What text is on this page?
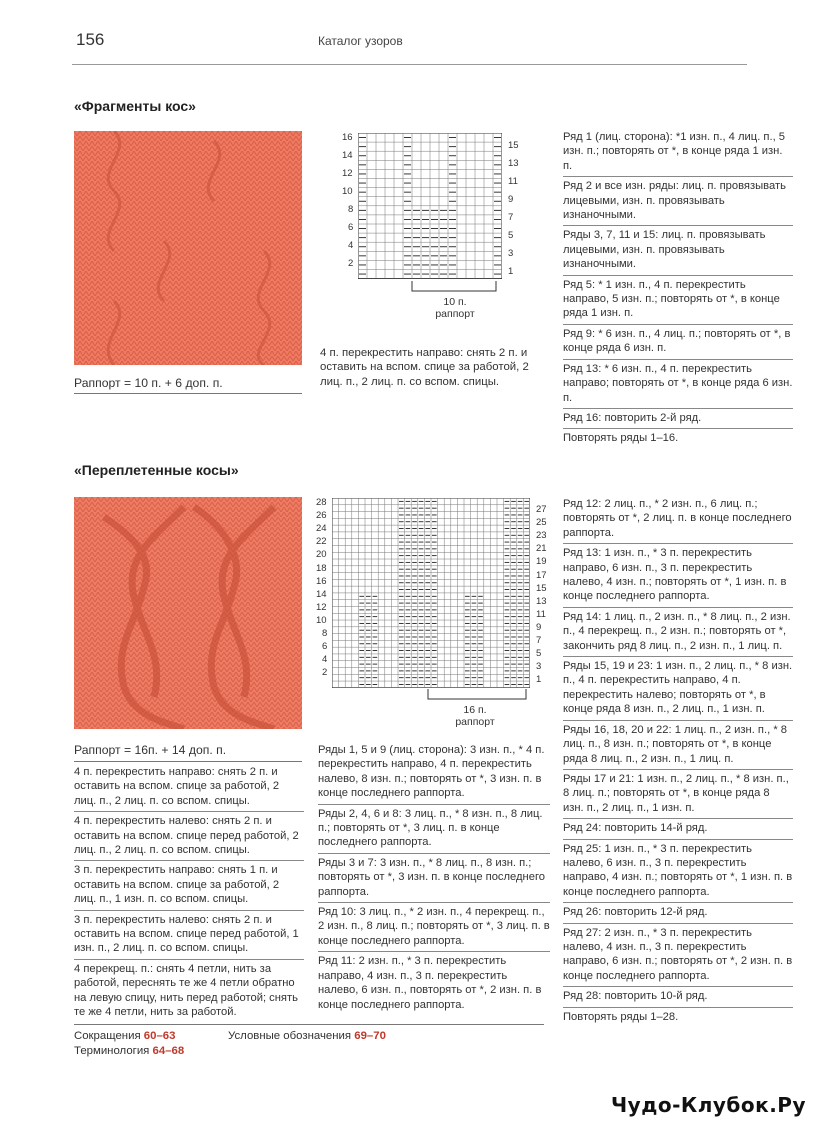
156	Каталог узоров
«Фрагменты кос»
Раппорт = 10 п. + 6 доп. п.
16
14
12
10
8
6
4
2
15
13
11
9
7
5
3
1
10 п.
раппорт
4 п. перекрестить направо: снять 2 п. и оставить на вспом. спице за работой, 2 лиц. п., 2 лиц. п. со вспом. спицы.
Ряд 1 (лиц. сторона): *1 изн. п., 4 лиц. п., 5 изн. п.; повторять от *, в конце ряда 1 изн. п.
Ряд 2 и все изн. ряды: лиц. п. провязывать лицевыми, изн. п. провязывать изнаночными.
Ряды 3, 7, 11 и 15: лиц. п. провязывать лицевыми, изн. п. провязывать изнаночными.
Ряд 5: * 1 изн. п., 4 п. перекрестить направо, 5 изн. п.; повторять от *, в конце ряда 1 изн. п.
Ряд 9: * 6 изн. п., 4 лиц. п.; повторять от *, в конце ряда 6 изн. п.
Ряд 13: * 6 изн. п., 4 п. перекрестить направо; повторять от *, в конце ряда 6 изн. п.
Ряд 16: повторить 2-й ряд.
Повторять ряды 1–16.
«Переплетенные косы»
Раппорт = 16п. + 14 доп. п.
4 п. перекрестить направо: снять 2 п. и оставить на вспом. спице за работой, 2 лиц. п., 2 лиц. п. со вспом. спицы.
4 п. перекрестить налево: снять 2 п. и оставить на вспом. спице перед работой, 2 лиц. п., 2 лиц. п. со вспом. спицы.
3 п. перекрестить направо: снять 1 п. и оставить на вспом. спице за работой, 2 лиц. п., 1 изн. п. со вспом. спицы.
3 п. перекрестить налево: снять 2 п. и оставить на вспом. спице перед работой, 1 изн. п., 2 лиц. п. со вспом. спицы.
4 перекрещ. п.: снять 4 петли, нить за работой, переснять те же 4 петли обратно на левую спицу, нить перед работой; снять те же 4 петли, нить за работой.
28
26
24
22
20
18
16
14
12
10
8
6
4
2
27
25
23
21
19
17
15
13
11
9
7
5
3
1
16 п.
раппорт
Ряды 1, 5 и 9 (лиц. сторона): 3 изн. п., * 4 п. перекрестить направо, 4 п. перекрестить налево, 8 изн. п.; повторять от *, 3 изн. п. в конце последнего раппорта.
Ряды 2, 4, 6 и 8: 3 лиц. п., * 8 изн. п., 8 лиц. п.; повторять от *, 3 лиц. п. в конце последнего раппорта.
Ряды 3 и 7: 3 изн. п., * 8 лиц. п., 8 изн. п.; повторять от *, 3 изн. п. в конце последнего раппорта.
Ряд 10: 3 лиц. п., * 2 изн. п., 4 перекрещ. п., 2 изн. п., 8 лиц. п.; повторять от *, 3 лиц. п. в конце последнего раппорта.
Ряд 11: 2 изн. п., * 3 п. перекрестить направо, 4 изн. п., 3 п. перекрестить налево, 6 изн. п., повторять от *, 2 изн. п. в конце последнего раппорта.
Ряд 12: 2 лиц. п., * 2 изн. п., 6 лиц. п.; повторять от *, 2 лиц. п. в конце последнего раппорта.
Ряд 13: 1 изн. п., * 3 п. перекрестить направо, 6 изн. п., 3 п. перекрестить налево, 4 изн. п.; повторять от *, 1 изн. п. в конце последнего раппорта.
Ряд 14: 1 лиц. п., 2 изн. п., * 8 лиц. п., 2 изн. п., 4 перекрещ. п., 2 изн. п.; повторять от *, закончить ряд 8 лиц. п., 2 изн. п., 1 лиц. п.
Ряды 15, 19 и 23: 1 изн. п., 2 лиц. п., * 8 изн. п., 4 п. перекрестить направо, 4 п. перекрестить налево; повторять от *, в конце ряда 8 изн. п., 2 лиц. п., 1 изн. п.
Ряды 16, 18, 20 и 22: 1 лиц. п., 2 изн. п., * 8 лиц. п., 8 изн. п.; повторять от *, в конце ряда 8 лиц. п., 2 изн. п., 1 лиц. п.
Ряды 17 и 21: 1 изн. п., 2 лиц. п., * 8 изн. п., 8 лиц. п.; повторять от *, в конце ряда 8 изн. п., 2 лиц. п., 1 изн. п.
Ряд 24: повторить 14-й ряд.
Ряд 25: 1 изн. п., * 3 п. перекрестить налево, 6 изн. п., 3 п. перекрестить направо, 4 изн. п.; повторять от *, 1 изн. п. в конце последнего раппорта.
Ряд 26: повторить 12-й ряд.
Ряд 27: 2 изн. п., * 3 п. перекрестить налево, 4 изн. п., 3 п. перекрестить направо, 6 изн. п.; повторять от *, 2 изн. п. в конце последнего раппорта.
Ряд 28: повторить 10-й ряд.
Повторять ряды 1–28.
Сокращения 60–63
Терминология 64–68
Условные обозначения 69–70
Чудо-Клубок.Ру
